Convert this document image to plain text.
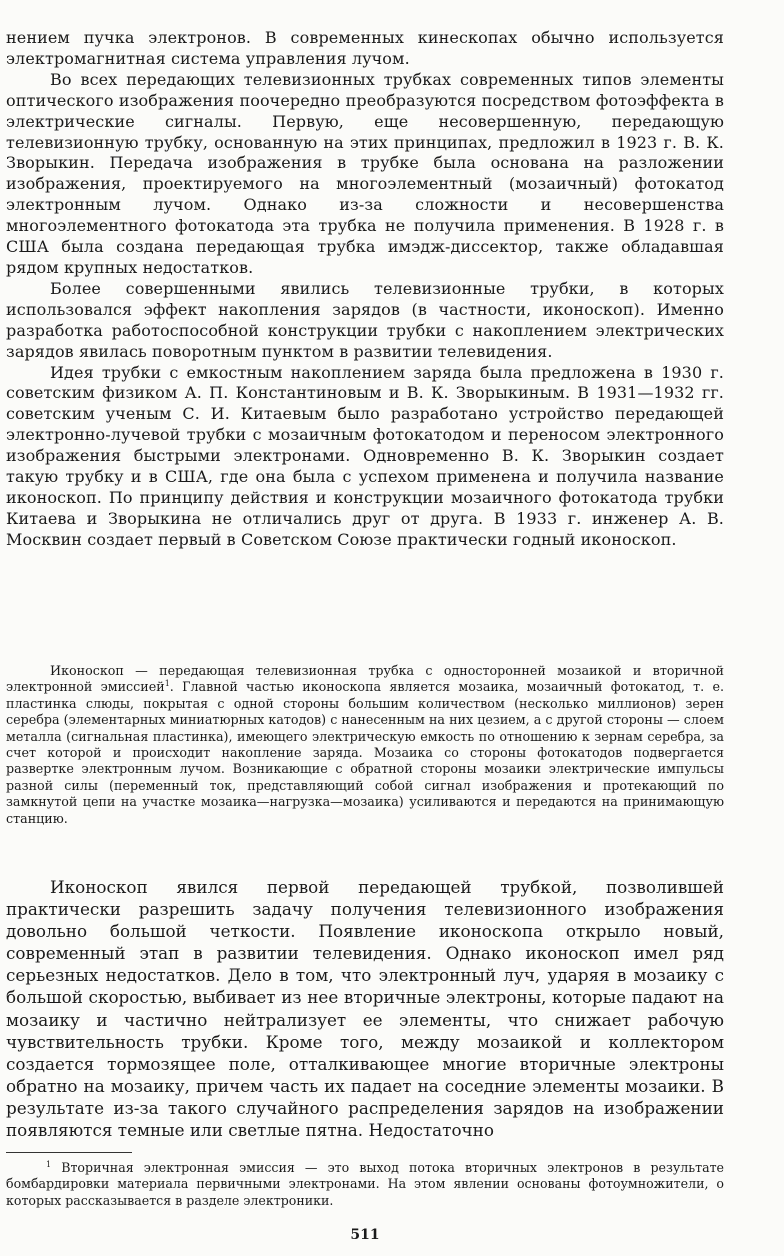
нением пучка электронов. В современных кинескопах обычно используется электромагнитная система управления лучом.

Во всех передающих телевизионных трубках современных типов элементы оптического изображения поочередно преобразуются посредством фотоэффекта в электрические сигналы. Первую, еще несовершенную, передающую телевизионную трубку, основанную на этих принципах, предложил в 1923 г. В. К. Зворыкин. Передача изображения в трубке была основана на разложении изображения, проектируемого на многоэлементный (мозаичный) фотокатод электронным лучом. Однако из-за сложности и несовершенства многоэлементного фотокатода эта трубка не получила применения. В 1928 г. в США была создана передающая трубка имэдж-диссектор, также обладавшая рядом крупных недостатков.

Более совершенными явились телевизионные трубки, в которых использовался эффект накопления зарядов (в частности, иконоскоп). Именно разработка работоспособной конструкции трубки с накоплением электрических зарядов явилась поворотным пунктом в развитии телевидения.

Идея трубки с емкостным накоплением заряда была предложена в 1930 г. советским физиком А. П. Константиновым и В. К. Зворыкиным. В 1931—1932 гг. советским ученым С. И. Китаевым было разработано устройство передающей электронно-лучевой трубки с мозаичным фотокатодом и переносом электронного изображения быстрыми электронами. Одновременно В. К. Зворыкин создает такую трубку и в США, где она была с успехом применена и получила название иконоскоп. По принципу действия и конструкции мозаичного фотокатода трубки Китаева и Зворыкина не отличались друг от друга. В 1933 г. инженер А. В. Москвин создает первый в Советском Союзе практически годный иконоскоп.

Иконоскоп — передающая телевизионная трубка с односторонней мозаикой и вторичной электронной эмиссией$^1$. Главной частью иконоскопа является мозаика, мозаичный фотокатод, т. е. пластинка слюды, покрытая с одной стороны большим количеством (несколько миллионов) зерен серебра (элементарных миниатюрных катодов) с нанесенным на них цезием, а с другой стороны — слоем металла (сигнальная пластинка), имеющего электрическую емкость по отношению к зернам серебра, за счет которой и происходит накопление заряда. Мозаика со стороны фотокатодов подвергается развертке электронным лучом. Возникающие с обратной стороны мозаики электрические импульсы разной силы (переменный ток, представляющий собой сигнал изображения и протекающий по замкнутой цепи на участке мозаика—нагрузка—мозаика) усиливаются и передаются на принимающую станцию.

Иконоскоп явился первой передающей трубкой, позволившей практически разрешить задачу получения телевизионного изображения довольно большой четкости. Появление иконоскопа открыло новый, современный этап в развитии телевидения. Однако иконоскоп имел ряд серьезных недостатков. Дело в том, что электронный луч, ударяя в мозаику с большой скоростью, выбивает из нее вторичные электроны, которые падают на мозаику и частично нейтрализует ее элементы, что снижает рабочую чувствительность трубки. Кроме того, между мозаикой и коллектором создается тормозящее поле, отталкивающее многие вторичные электроны обратно на мозаику, причем часть их падает на соседние элементы мозаики. В результате из-за такого случайного распределения зарядов на изображении появляются темные или светлые пятна. Недостаточно

$^1$ Вторичная электронная эмиссия — это выход потока вторичных электронов в результате бомбардировки материала первичными электронами. На этом явлении основаны фотоумножители, о которых рассказывается в разделе электроники.

511
